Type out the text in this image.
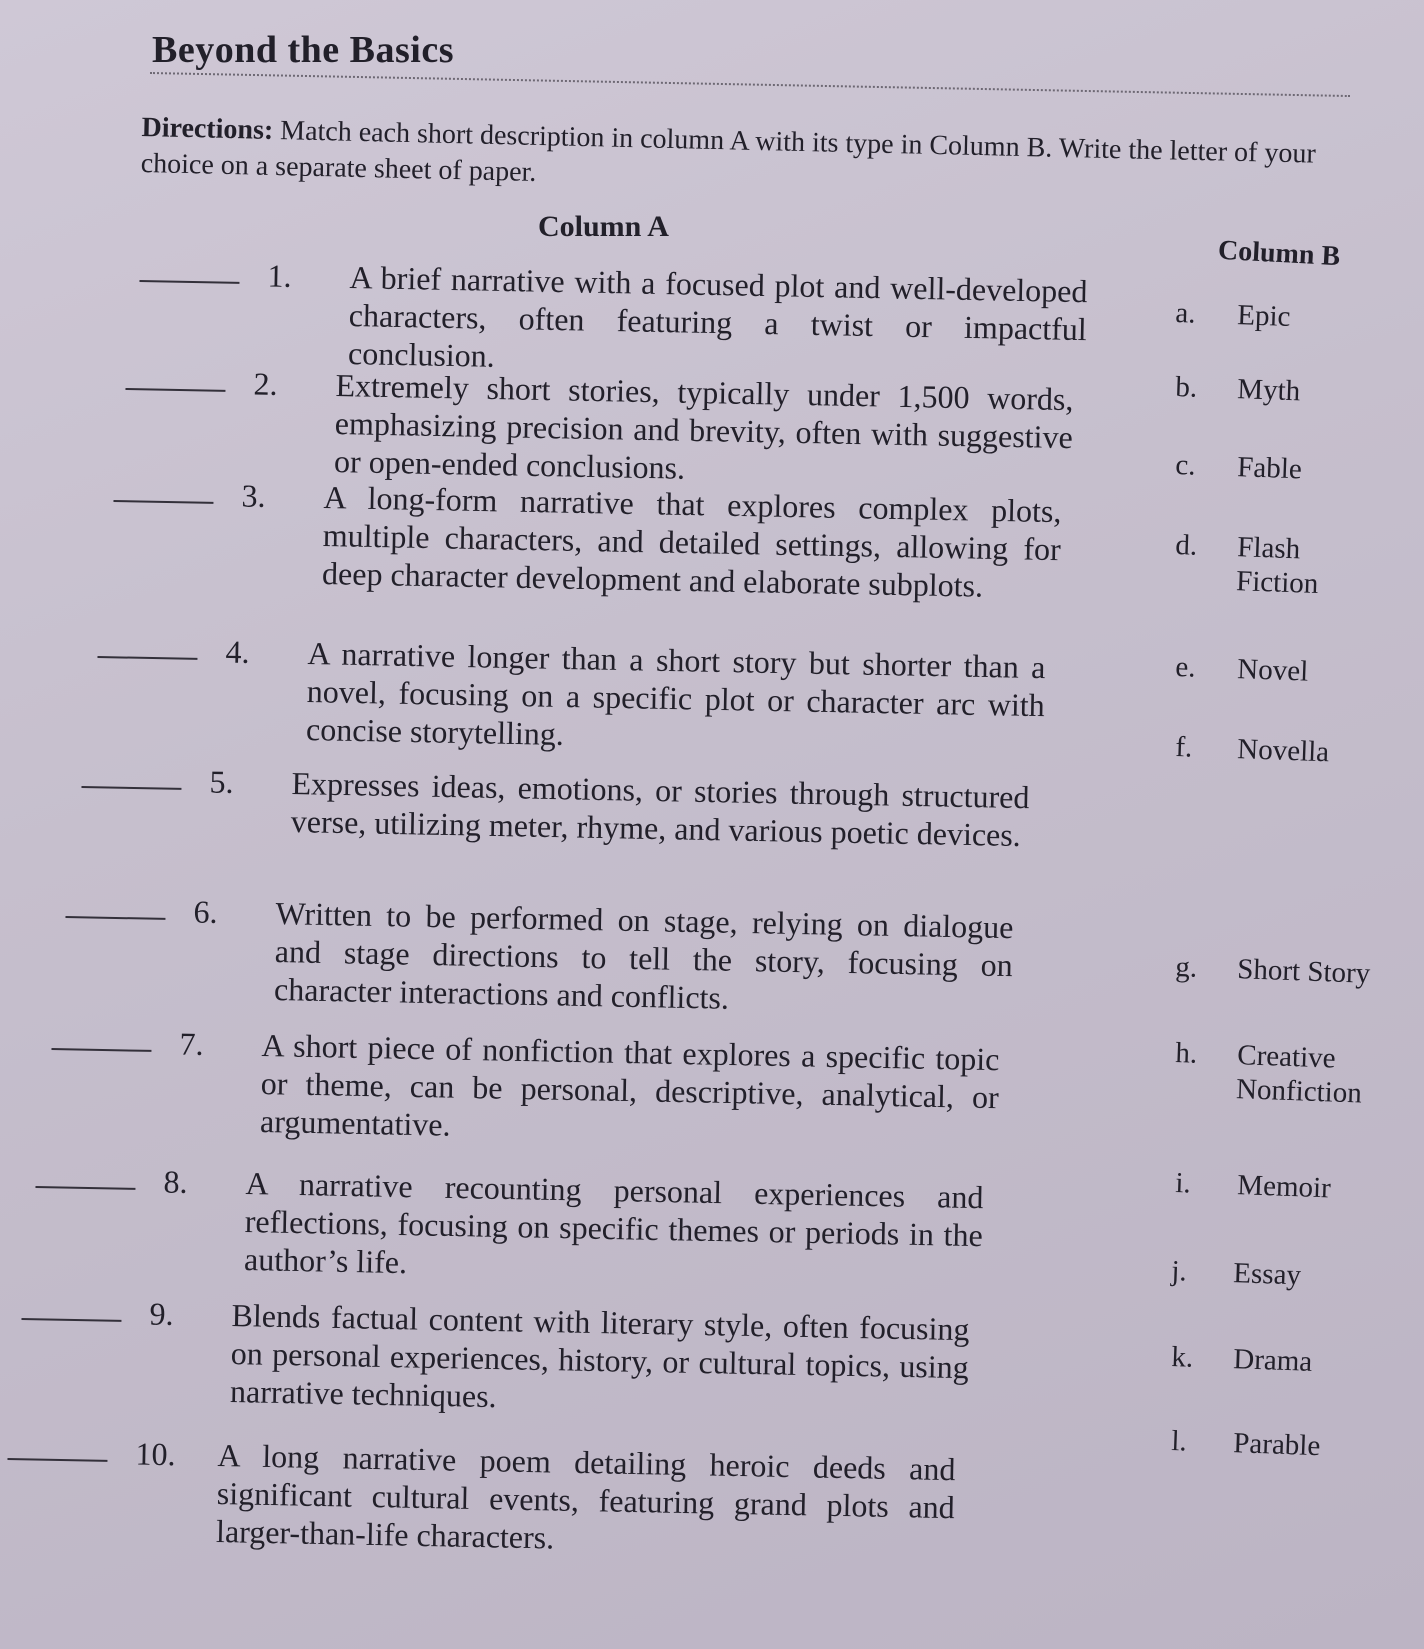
Beyond the Basics
Directions: Match each short description in column A with its type in Column B. Write the letter of your choice on a separate sheet of paper.
Column A
Column B
1. A brief narrative with a focused plot and well-developed characters, often featuring a twist or impactful conclusion.
2. Extremely short stories, typically under 1,500 words, emphasizing precision and brevity, often with suggestive or open-ended conclusions.
3. A long-form narrative that explores complex plots, multiple characters, and detailed settings, allowing for deep character development and elaborate subplots.
4. A narrative longer than a short story but shorter than a novel, focusing on a specific plot or character arc with concise storytelling.
5. Expresses ideas, emotions, or stories through structured verse, utilizing meter, rhyme, and various poetic devices.
6. Written to be performed on stage, relying on dialogue and stage directions to tell the story, focusing on character interactions and conflicts.
7. A short piece of nonfiction that explores a specific topic or theme, can be personal, descriptive, analytical, or argumentative.
8. A narrative recounting personal experiences and reflections, focusing on specific themes or periods in the author’s life.
9. Blends factual content with literary style, often focusing on personal experiences, history, or cultural topics, using narrative techniques.
10. A long narrative poem detailing heroic deeds and significant cultural events, featuring grand plots and larger-than-life characters.
a. Epic
b. Myth
c. Fable
d. Flash Fiction
e. Novel
f. Novella
g. Short Story
h. Creative Nonfiction
i. Memoir
j. Essay
k. Drama
l. Parable
